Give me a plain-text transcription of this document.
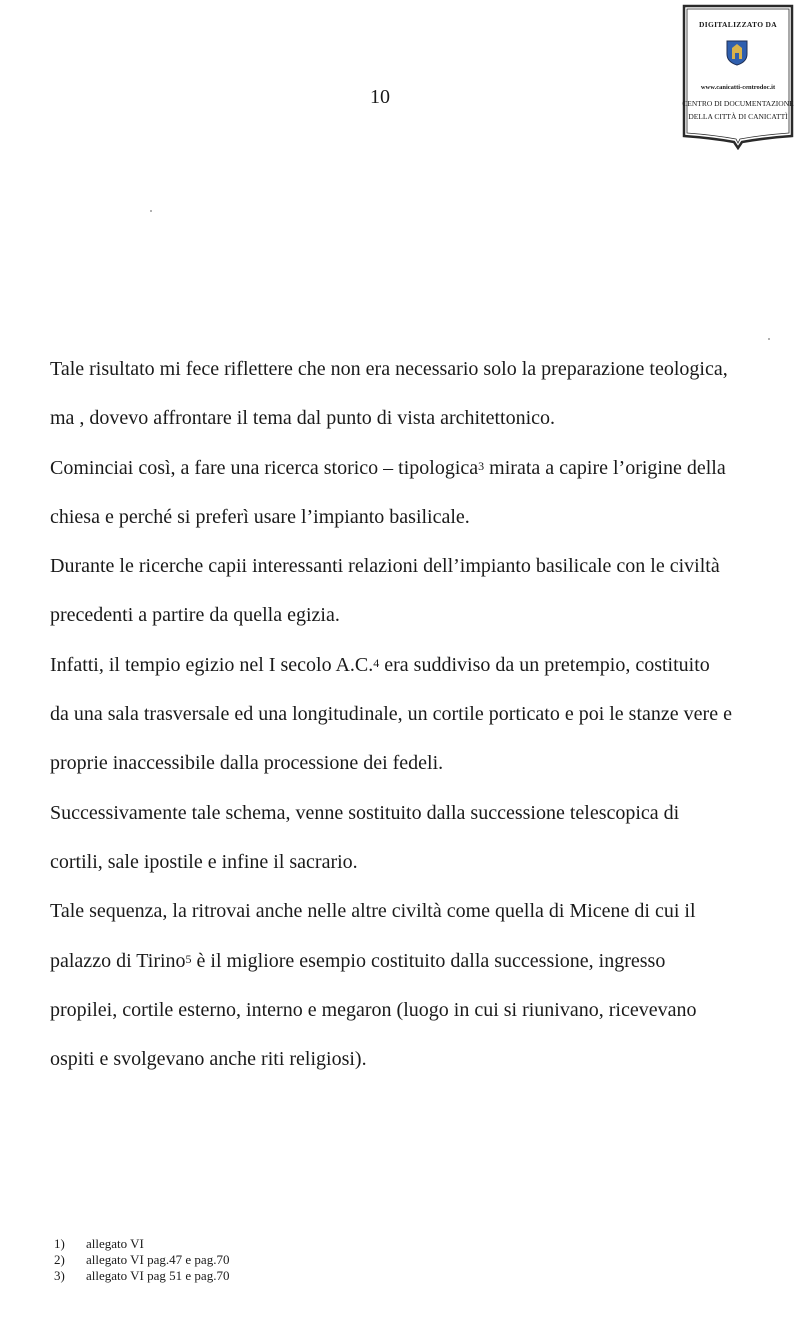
10
DIGITALIZZATO DA
www.canicatti-centrodoc.it
CENTRO DI DOCUMENTAZIONE
DELLA CITTÀ DI CANICATTÌ
Tale risultato mi fece riflettere che non era necessario solo la preparazione teologica,
ma , dovevo affrontare il tema dal punto di vista architettonico.
Cominciai così, a fare una ricerca storico – tipologica$^3$ mirata a capire l’origine della
chiesa e perché si preferì usare l’impianto basilicale.
Durante le ricerche capii interessanti relazioni dell’impianto basilicale con le civiltà
precedenti a partire da quella egizia.
Infatti, il tempio egizio nel I secolo A.C.$^4$ era suddiviso da un pretempio, costituito
da una sala trasversale ed una longitudinale, un cortile porticato e poi le stanze vere e
proprie inaccessibile dalla processione dei fedeli.
Successivamente tale schema, venne sostituito dalla successione telescopica di
cortili, sale ipostile e infine il sacrario.
Tale sequenza, la ritrovai anche nelle altre civiltà come quella di Micene di cui il
palazzo di Tirino$^5$ è il migliore esempio costituito dalla successione, ingresso
propilei, cortile esterno, interno e megaron (luogo in cui si riunivano, ricevevano
ospiti e svolgevano anche riti religiosi).
1)	allegato VI
2)	allegato VI pag.47 e pag.70
3)	allegato VI pag 51 e pag.70
